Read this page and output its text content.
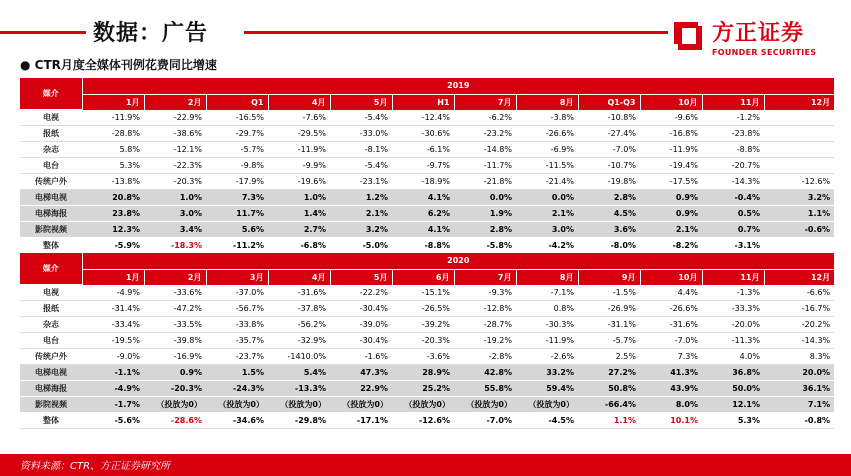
数据：广告	方正证券
FOUNDER SECURITIES
● CTR月度全媒体刊例花费同比增速
媒介	2019											
	1月	2月	Q1	4月	5月	H1	7月	8月	Q1-Q3	10月	11月	12月
电视	-11.9%	-22.9%	-16.5%	-7.6%	-5.4%	-12.4%	-6.2%	-3.8%	-10.8%	-9.6%	-1.2%	
报纸	-28.8%	-38.6%	-29.7%	-29.5%	-33.0%	-30.6%	-23.2%	-26.6%	-27.4%	-16.8%	-23.8%	
杂志	5.8%	-12.1%	-5.7%	-11.9%	-8.1%	-6.1%	-14.8%	-6.9%	-7.0%	-11.9%	-8.8%	
电台	5.3%	-22.3%	-9.8%	-9.9%	-5.4%	-9.7%	-11.7%	-11.5%	-10.7%	-19.4%	-20.7%	
传统户外	-13.8%	-20.3%	-17.9%	-19.6%	-23.1%	-18.9%	-21.8%	-21.4%	-19.8%	-17.5%	-14.3%	-12.6%
电梯电视	20.8%	1.0%	7.3%	1.0%	1.2%	4.1%	0.0%	0.0%	2.8%	0.9%	-0.4%	3.2%
电梯海报	23.8%	3.0%	11.7%	1.4%	2.1%	6.2%	1.9%	2.1%	4.5%	0.9%	0.5%	1.1%
影院视频	12.3%	3.4%	5.6%	2.7%	3.2%	4.1%	2.8%	3.0%	3.6%	2.1%	0.7%	-0.6%
整体	-5.9%	-18.3%	-11.2%	-6.8%	-5.0%	-8.8%	-5.8%	-4.2%	-8.0%	-8.2%	-3.1%	
媒介	2020											
	1月	2月	3月	4月	5月	6月	7月	8月	9月	10月	11月	12月
电视	-4.9%	-33.6%	-37.0%	-31.6%	-22.2%	-15.1%	-9.3%	-7.1%	-1.5%	4.4%	-1.3%	-6.6%
报纸	-31.4%	-47.2%	-56.7%	-37.8%	-30.4%	-26.5%	-12.8%	0.8%	-26.9%	-26.6%	-33.3%	-16.7%
杂志	-33.4%	-33.5%	-33.8%	-56.2%	-39.0%	-39.2%	-28.7%	-30.3%	-31.1%	-31.6%	-20.0%	-20.2%
电台	-19.5%	-39.8%	-35.7%	-32.9%	-30.4%	-20.3%	-19.2%	-11.9%	-5.7%	-7.0%	-11.3%	-14.3%
传统户外	-9.0%	-16.9%	-23.7%	-1410.0%	-1.6%	-3.6%	-2.8%	-2.6%	2.5%	7.3%	4.0%	8.3%
电梯电视	-1.1%	0.9%	1.5%	5.4%	47.3%	28.9%	42.8%	33.2%	27.2%	41.3%	36.8%	20.0%
电梯海报	-4.9%	-20.3%	-24.3%	-13.3%	22.9%	25.2%	55.8%	59.4%	50.8%	43.9%	50.0%	36.1%
影院视频	-1.7%	（投放为0）	（投放为0）	（投放为0）	（投放为0）	（投放为0）	（投放为0）	（投放为0）	-66.4%	8.0%	12.1%	7.1%
整体	-5.6%	-28.6%	-34.6%	-29.8%	-17.1%	-12.6%	-7.0%	-4.5%	1.1%	10.1%	5.3%	-0.8%
资料来源：CTR、方正证券研究所
